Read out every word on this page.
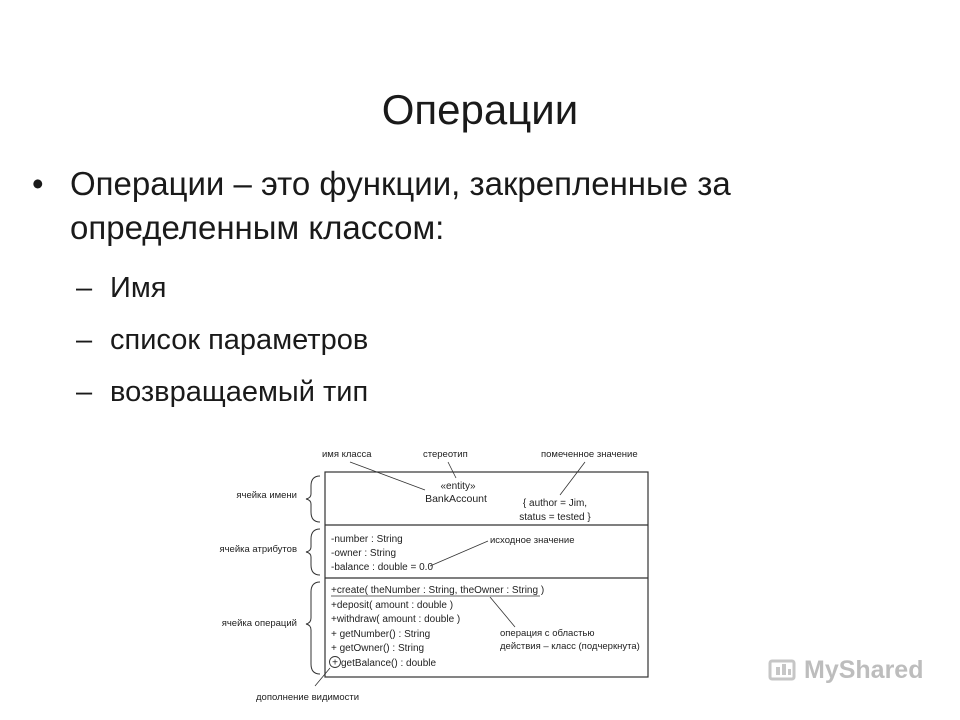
Операции
• Операции – это функции, закрепленные за
определенным классом:
– Имя
– список параметров
– возвращаемый тип
имя класса	стереотип	помеченное значение
«entity»
BankAccount	{ author = Jim,
status = tested }
ячейка имени
ячейка атрибутов
ячейка операций
-number : String
-owner : String
-balance : double = 0.0
исходное значение
+create( theNumber : String, theOwner : String )
+deposit( amount : double )
+withdraw( amount : double )
+ getNumber() : String
+ getOwner() : String
+ getBalance() : double
операция с областью
действия – класс (подчеркнута)
дополнение видимости
MyShared
